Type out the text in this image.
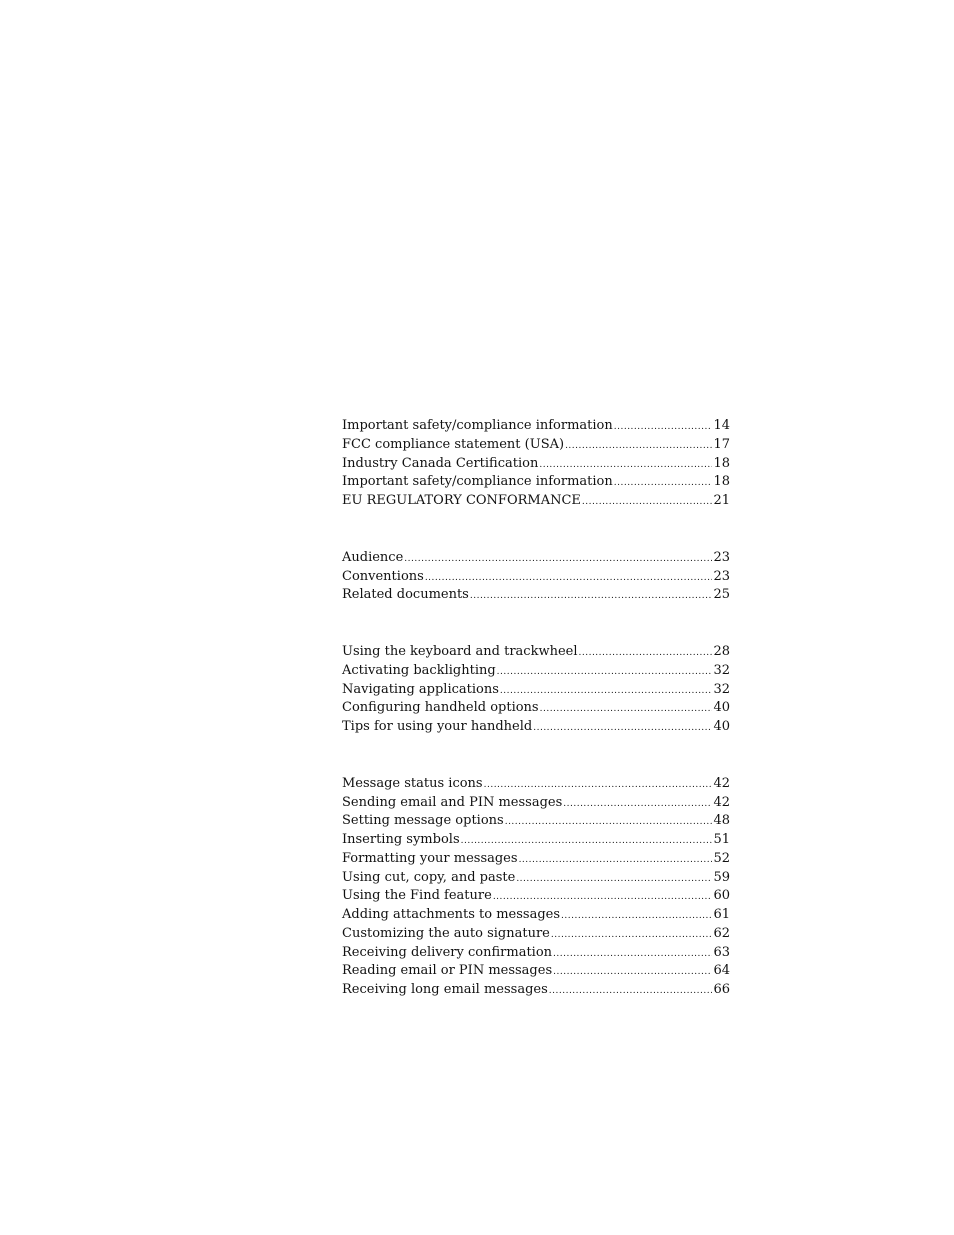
Important safety/compliance information .....	14
FCC compliance statement (USA) .....	17
Industry Canada Certification .....	18
Important safety/compliance information .....	18
EU REGULATORY CONFORMANCE .....	21
Audience .....	23
Conventions .....	23
Related documents .....	25
Using the keyboard and trackwheel .....	28
Activating backlighting .....	32
Navigating applications .....	32
Configuring handheld options .....	40
Tips for using your handheld .....	40
Message status icons .....	42
Sending email and PIN messages .....	42
Setting message options .....	48
Inserting symbols .....	51
Formatting your messages .....	52
Using cut, copy, and paste .....	59
Using the Find feature .....	60
Adding attachments to messages .....	61
Customizing the auto signature .....	62
Receiving delivery confirmation .....	63
Reading email or PIN messages .....	64
Receiving long email messages .....	66
